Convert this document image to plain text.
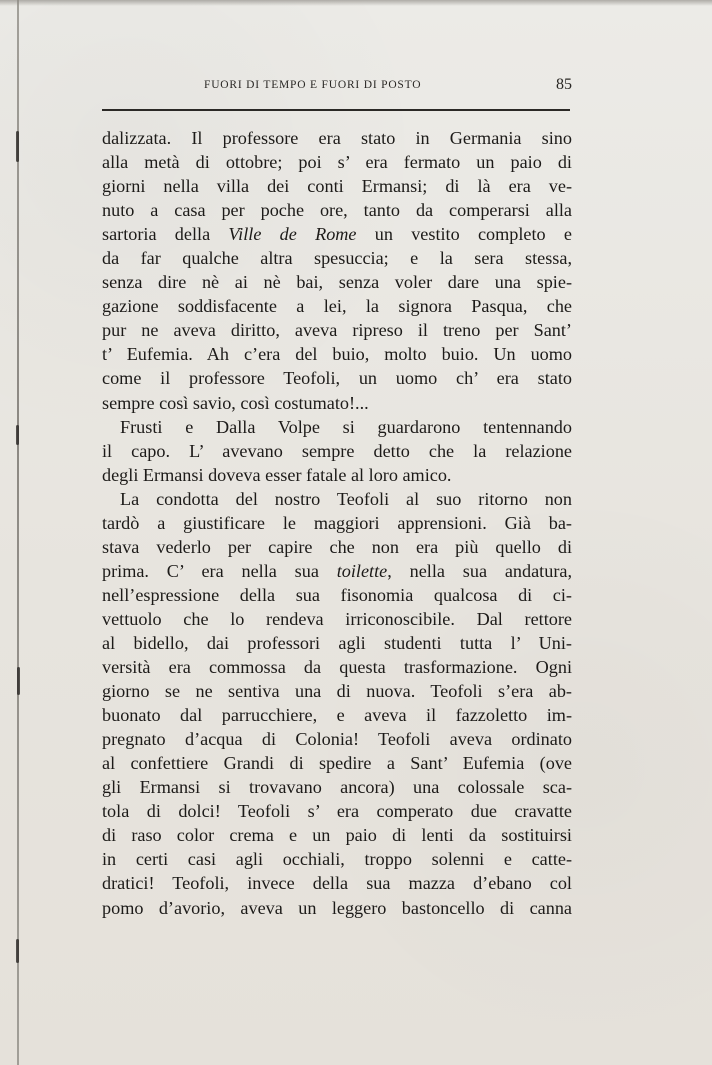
FUORI DI TEMPO E FUORI DI POSTO	85
dalizzata. Il professore era stato in Germania sino
alla metà di ottobre; poi s’ era fermato un paio di
giorni nella villa dei conti Ermansi; di là era ve-
nuto a casa per poche ore, tanto da comperarsi alla
sartoria della Ville de Rome un vestito completo e
da far qualche altra spesuccia; e la sera stessa,
senza dire nè ai nè bai, senza voler dare una spie-
gazione soddisfacente a lei, la signora Pasqua, che
pur ne aveva diritto, aveva ripreso il treno per Sant’
t’ Eufemia. Ah c’era del buio, molto buio. Un uomo
come il professore Teofoli, un uomo ch’ era stato
sempre così savio, così costumato!...
Frusti e Dalla Volpe si guardarono tentennando
il capo. L’ avevano sempre detto che la relazione
degli Ermansi doveva esser fatale al loro amico.
La condotta del nostro Teofoli al suo ritorno non
tardò a giustificare le maggiori apprensioni. Già ba-
stava vederlo per capire che non era più quello di
prima. C’ era nella sua toilette, nella sua andatura,
nell’espressione della sua fisonomia qualcosa di ci-
vettuolo che lo rendeva irriconoscibile. Dal rettore
al bidello, dai professori agli studenti tutta l’ Uni-
versità era commossa da questa trasformazione. Ogni
giorno se ne sentiva una di nuova. Teofoli s’era ab-
buonato dal parrucchiere, e aveva il fazzoletto im-
pregnato d’acqua di Colonia! Teofoli aveva ordinato
al confettiere Grandi di spedire a Sant’ Eufemia (ove
gli Ermansi si trovavano ancora) una colossale sca-
tola di dolci! Teofoli s’ era comperato due cravatte
di raso color crema e un paio di lenti da sostituirsi
in certi casi agli occhiali, troppo solenni e catte-
dratici! Teofoli, invece della sua mazza d’ebano col
pomo d’avorio, aveva un leggero bastoncello di canna
